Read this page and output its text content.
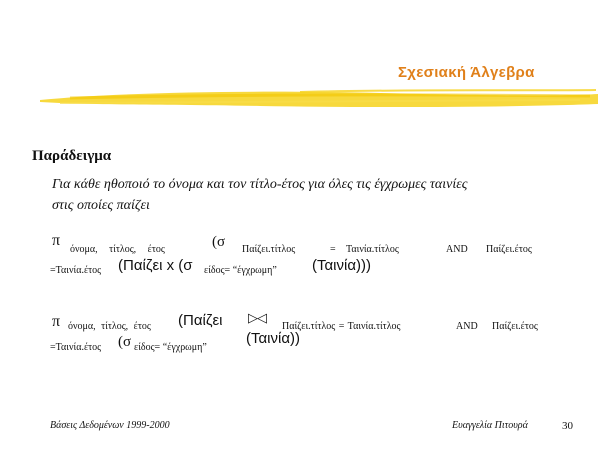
Σχεσιακή Άλγεβρα
Παράδειγμα
Για κάθε ηθοποιό το όνομα και τον τίτλο-έτος για όλες τις έγχρωμες ταινίες
στις οποίες παίζει
π
όνομα, τίτλος, έτος	(σ Παίζει.τίτλος	= Ταινία.τίτλος	AND Παίζει.έτος
=Ταινία.έτος (Παίζει x (σ είδος= “έγχρωμη” (Ταινία)))
π όνομα, τίτλος, έτος (Παίζει ▷◁
Παίζει.τίτλος = Ταινία.τίτλος	AND Παίζει.έτος
=Ταινία.έτος (σ είδος= “έγχρωμη”
(Ταινία))
Βάσεις Δεδομένων 1999-2000	Ευαγγελία Πιτουρά	30
